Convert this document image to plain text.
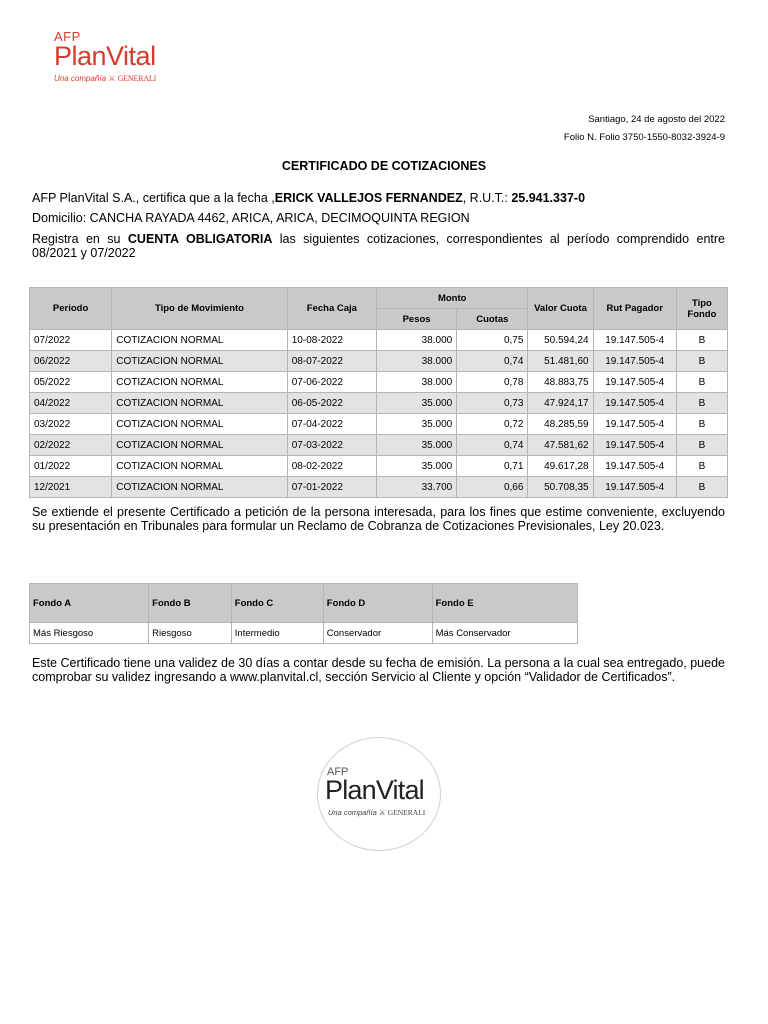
AFP
PlanVital
Una compañía ⚔ GENERALI
Santiago, 24 de agosto del 2022
Folio N. Folio 3750-1550-8032-3924-9
CERTIFICADO DE COTIZACIONES
AFP PlanVital S.A., certifica que a la fecha ,ERICK VALLEJOS FERNANDEZ, R.U.T.: 25.941.337-0
Domicilio: CANCHA RAYADA 4462, ARICA, ARICA, DECIMOQUINTA REGION
Registra en su CUENTA OBLIGATORIA las siguientes cotizaciones, correspondientes al período comprendido entre 08/2021 y 07/2022
Periodo	Tipo de Movimiento	Fecha Caja	Monto		Valor Cuota	Rut Pagador	Tipo Fondo
			Pesos	Cuotas			
07/2022	COTIZACION NORMAL	10-08-2022	38.000	0,75	50.594,24	19.147.505-4	B
06/2022	COTIZACION NORMAL	08-07-2022	38.000	0,74	51.481,60	19.147.505-4	B
05/2022	COTIZACION NORMAL	07-06-2022	38.000	0,78	48.883,75	19.147.505-4	B
04/2022	COTIZACION NORMAL	06-05-2022	35.000	0,73	47.924,17	19.147.505-4	B
03/2022	COTIZACION NORMAL	07-04-2022	35.000	0,72	48.285,59	19.147.505-4	B
02/2022	COTIZACION NORMAL	07-03-2022	35.000	0,74	47.581,62	19.147.505-4	B
01/2022	COTIZACION NORMAL	08-02-2022	35.000	0,71	49.617,28	19.147.505-4	B
12/2021	COTIZACION NORMAL	07-01-2022	33.700	0,66	50.708,35	19.147.505-4	B
Se extiende el presente Certificado a petición de la persona interesada, para los fines que estime conveniente, excluyendo su presentación en Tribunales para formular un Reclamo de Cobranza de Cotizaciones Previsionales, Ley 20.023.
Fondo A	Fondo B	Fondo C	Fondo D	Fondo E
Más Riesgoso	Riesgoso	Intermedio	Conservador	Más Conservador
Este Certificado tiene una validez de 30 días a contar desde su fecha de emisión. La persona a la cual sea entregado, puede comprobar su validez ingresando a www.planvital.cl, sección Servicio al Cliente y opción “Validador de Certificados”.
AFP
PlanVital
Una compañía ⚔ GENERALI
